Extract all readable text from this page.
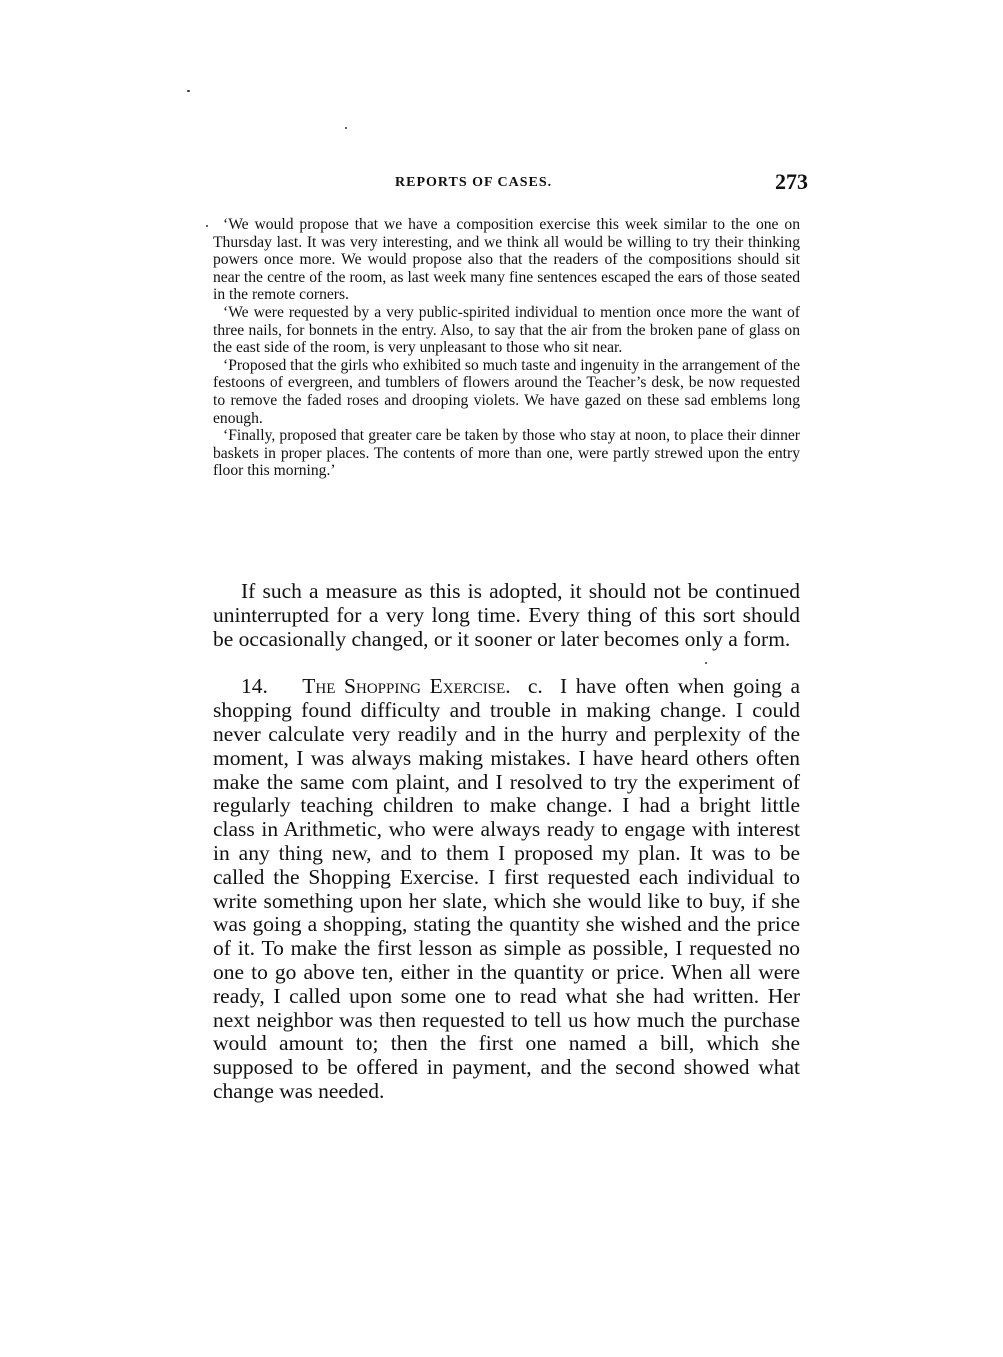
REPORTS OF CASES.	273

‘We would propose that we have a composition exercise this week similar to the one on Thursday last. It was very interesting, and we think all would be willing to try their thinking powers once more. We would propose also that the readers of the compositions should sit near the centre of the room, as last week many fine sentences escaped the ears of those seated in the remote corners.

‘We were requested by a very public-spirited individual to mention once more the want of three nails, for bonnets in the entry. Also, to say that the air from the broken pane of glass on the east side of the room, is very unpleasant to those who sit near.

‘Proposed that the girls who exhibited so much taste and ingenuity in the arrangement of the festoons of evergreen, and tumblers of flowers around the Teacher’s desk, be now requested to remove the faded roses and drooping violets. We have gazed on these sad emblems long enough.

‘Finally, proposed that greater care be taken by those who stay at noon, to place their dinner baskets in proper places. The contents of more than one, were partly strewed upon the entry floor this morning.’

If such a measure as this is adopted, it should not be continued uninterrupted for a very long time. Every thing of this sort should be occasionally changed, or it sooner or later becomes only a form.

14. The Shopping Exercise. c. I have often when going a shopping found difficulty and trouble in making change. I could never calculate very readily and in the hurry and perplexity of the moment, I was always making mistakes. I have heard others often make the same com plaint, and I resolved to try the experiment of regularly teaching children to make change. I had a bright little class in Arithmetic, who were always ready to engage with interest in any thing new, and to them I proposed my plan. It was to be called the Shopping Exercise. I first requested each individual to write something upon her slate, which she would like to buy, if she was going a shopping, stating the quantity she wished and the price of it. To make the first lesson as simple as possible, I requested no one to go above ten, either in the quantity or price. When all were ready, I called upon some one to read what she had written. Her next neighbor was then requested to tell us how much the purchase would amount to; then the first one named a bill, which she supposed to be offered in payment, and the second showed what change was needed.
